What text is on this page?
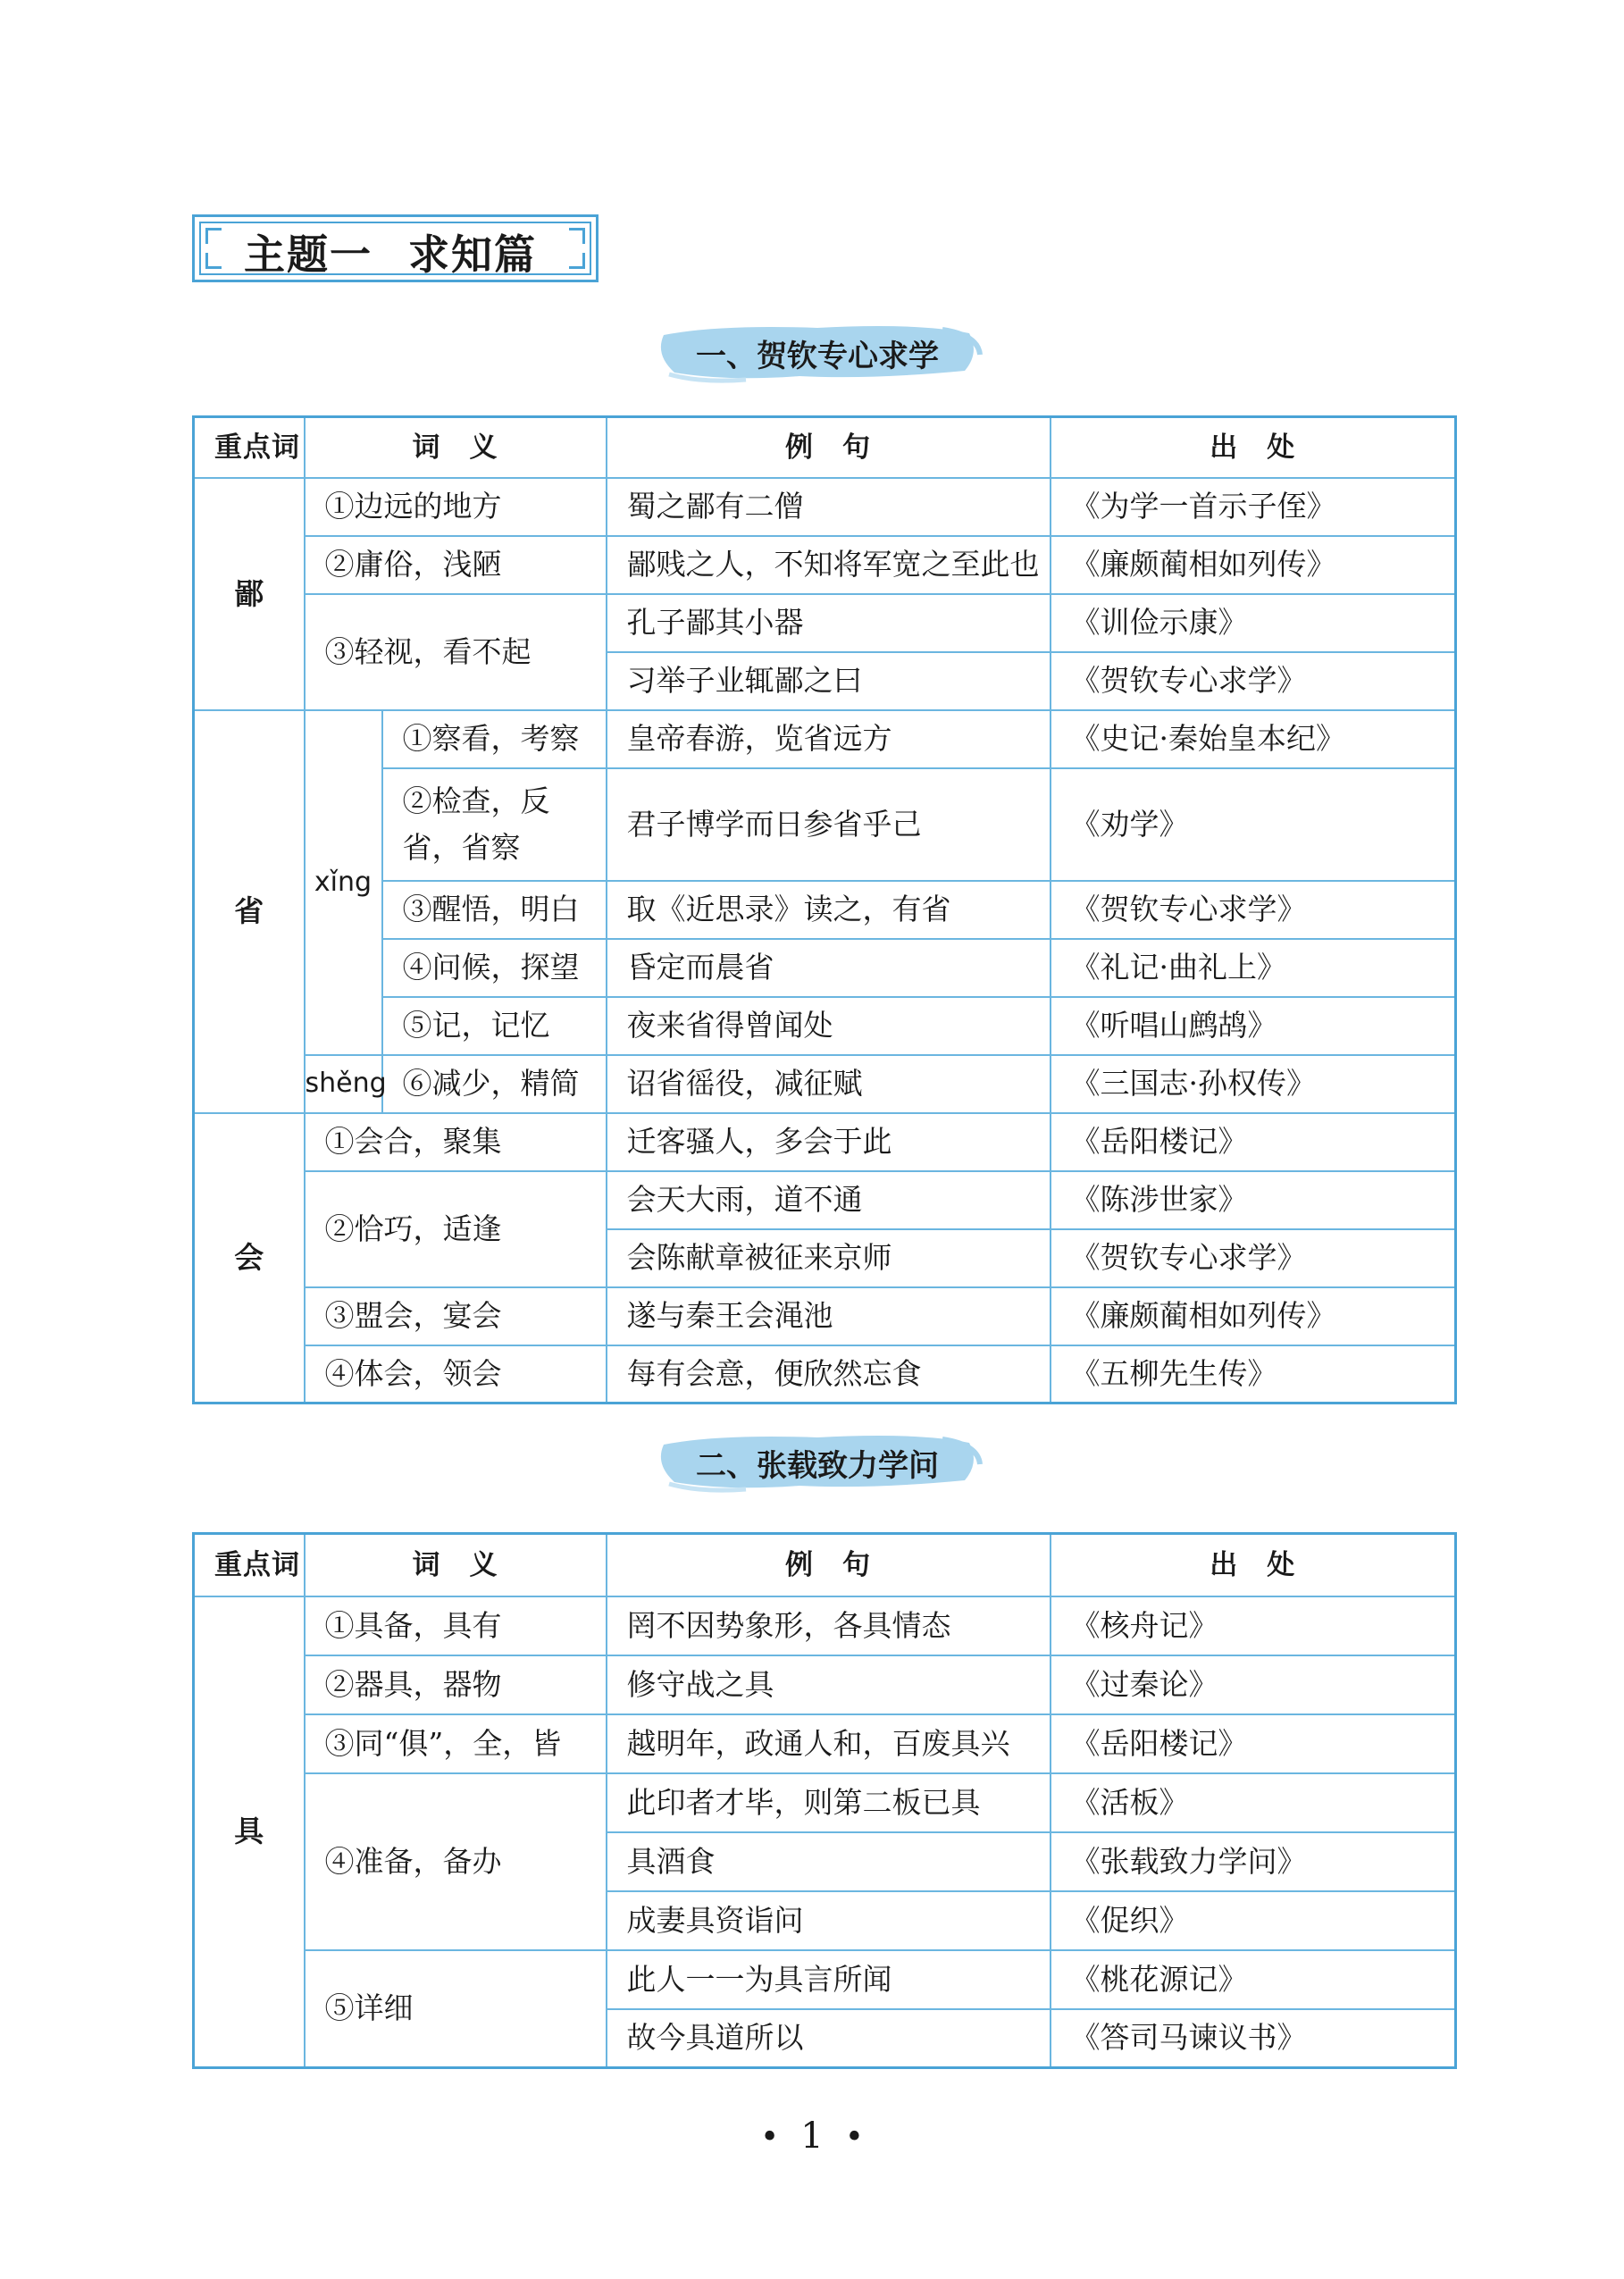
主题一 求知篇
一、贺钦专心求学
重点词	词　义		例　句	出　处
鄙	①边远的地方		蜀之鄙有二僧	《为学一首示子侄》
	②庸俗，浅陋		鄙贱之人，不知将军宽之至此也	《廉颇蔺相如列传》
	③轻视，看不起		孔子鄙其小器	《训俭示康》
			习举子业辄鄙之曰	《贺钦专心求学》
省	xǐng	①察看，考察	皇帝春游，览省远方	《史记·秦始皇本纪》
		②检查，反省，省察	君子博学而日参省乎己	《劝学》
		③醒悟，明白	取《近思录》读之，有省	《贺钦专心求学》
		④问候，探望	昏定而晨省	《礼记·曲礼上》
		⑤记，记忆	夜来省得曾闻处	《听唱山鹧鸪》
	shěng	⑥减少，精简	诏省徭役，减征赋	《三国志·孙权传》
会	①会合，聚集		迁客骚人，多会于此	《岳阳楼记》
	②恰巧，适逢		会天大雨，道不通	《陈涉世家》
			会陈献章被征来京师	《贺钦专心求学》
	③盟会，宴会		遂与秦王会渑池	《廉颇蔺相如列传》
	④体会，领会		每有会意，便欣然忘食	《五柳先生传》
二、张载致力学问
重点词	词　义	例　句	出　处
具	①具备，具有	罔不因势象形，各具情态	《核舟记》
	②器具，器物	修守战之具	《过秦论》
	③同“俱”，全，皆	越明年，政通人和，百废具兴	《岳阳楼记》
	④准备，备办	此印者才毕，则第二板已具	《活板》
		具酒食	《张载致力学问》
		成妻具资诣问	《促织》
	⑤详细	此人一一为具言所闻	《桃花源记》
		故今具道所以	《答司马谏议书》
• 1 •
